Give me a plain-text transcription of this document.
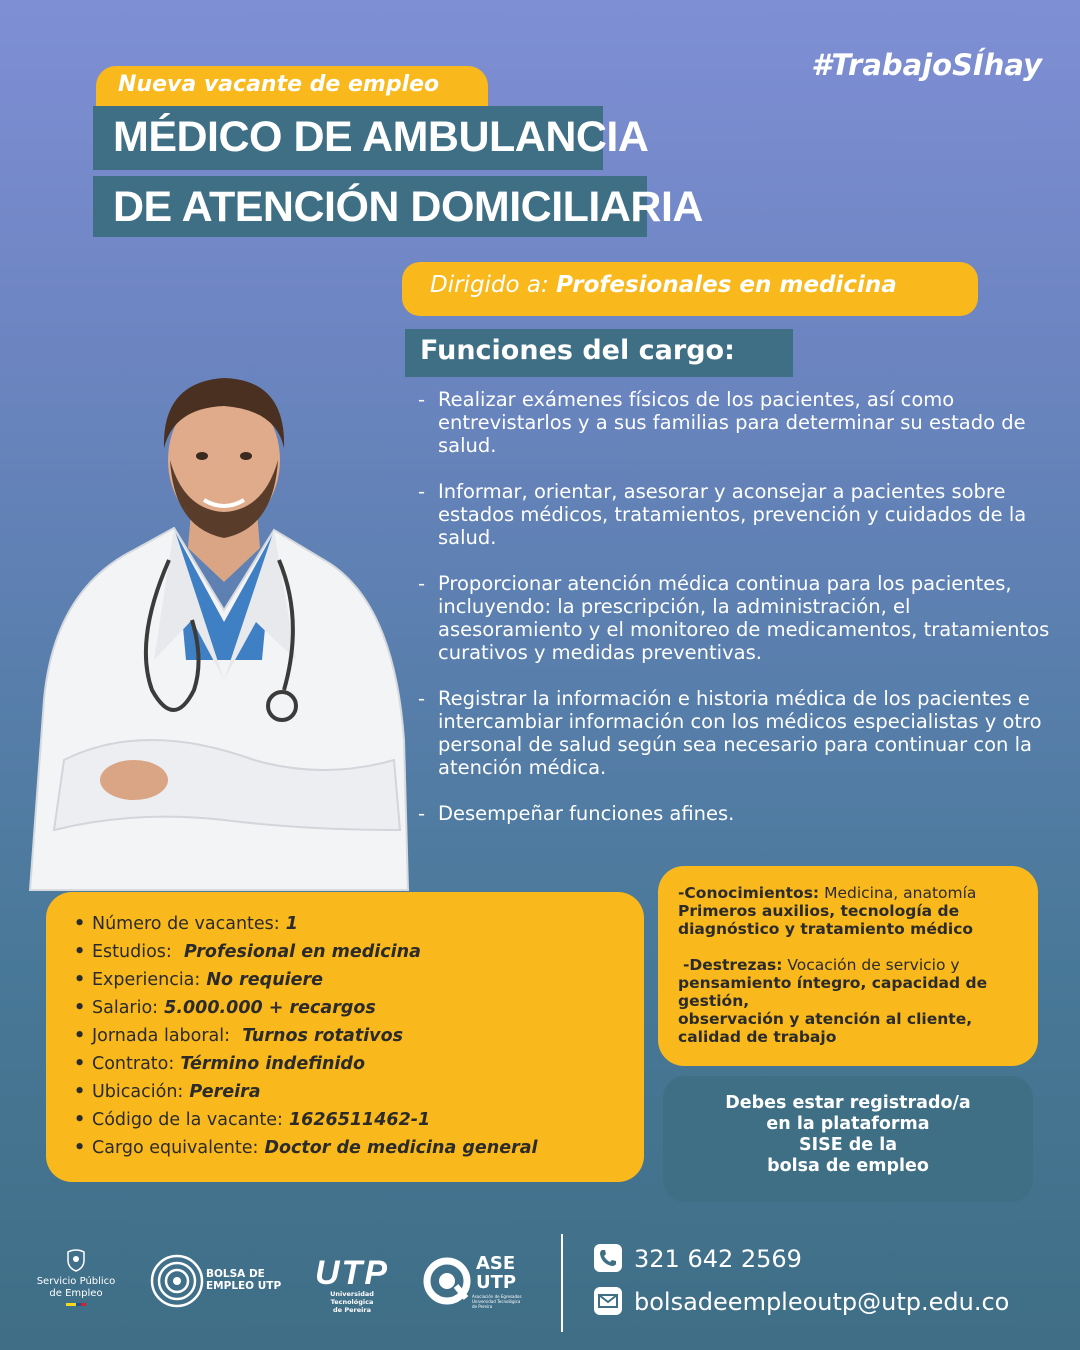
#TrabajoSÍhay
Nueva vacante de empleo
MÉDICO DE AMBULANCIA
DE ATENCIÓN DOMICILIARIA
Dirigido a: Profesionales en medicina
Funciones del cargo:
- Realizar exámenes físicos de los pacientes, así como entrevistarlos y a sus familias para determinar su estado de salud.
- Informar, orientar, asesorar y aconsejar a pacientes sobre estados médicos, tratamientos, prevención y cuidados de la salud.
- Proporcionar atención médica continua para los pacientes, incluyendo: la prescripción, la administración, el asesoramiento y el monitoreo de medicamentos, tratamientos curativos y medidas preventivas.
- Registrar la información e historia médica de los pacientes e intercambiar información con los médicos especialistas y otro personal de salud según sea necesario para continuar con la atención médica.
- Desempeñar funciones afines.
• Número de vacantes: 1
• Estudios: Profesional en medicina
• Experiencia: No requiere
• Salario: 5.000.000 + recargos
• Jornada laboral: Turnos rotativos
• Contrato: Término indefinido
• Ubicación: Pereira
• Código de la vacante: 1626511462-1
• Cargo equivalente: Doctor de medicina general
-Conocimientos: Medicina, anatomía
Primeros auxilios, tecnología de
diagnóstico y tratamiento médico
-Destrezas: Vocación de servicio y
pensamiento íntegro, capacidad de
gestión,
observación y atención al cliente,
calidad de trabajo
Debes estar registrado/a
en la plataforma
SISE de la
bolsa de empleo
Servicio Público
de Empleo
BOLSA DE
EMPLEO UTP UTP
Universidad Tecnológica
de Pereira
ASE
UTP
Asociación de Egresados Universidad Tecnológica de Pereira
321 642 2569
bolsadeempleoutp@utp.edu.co
